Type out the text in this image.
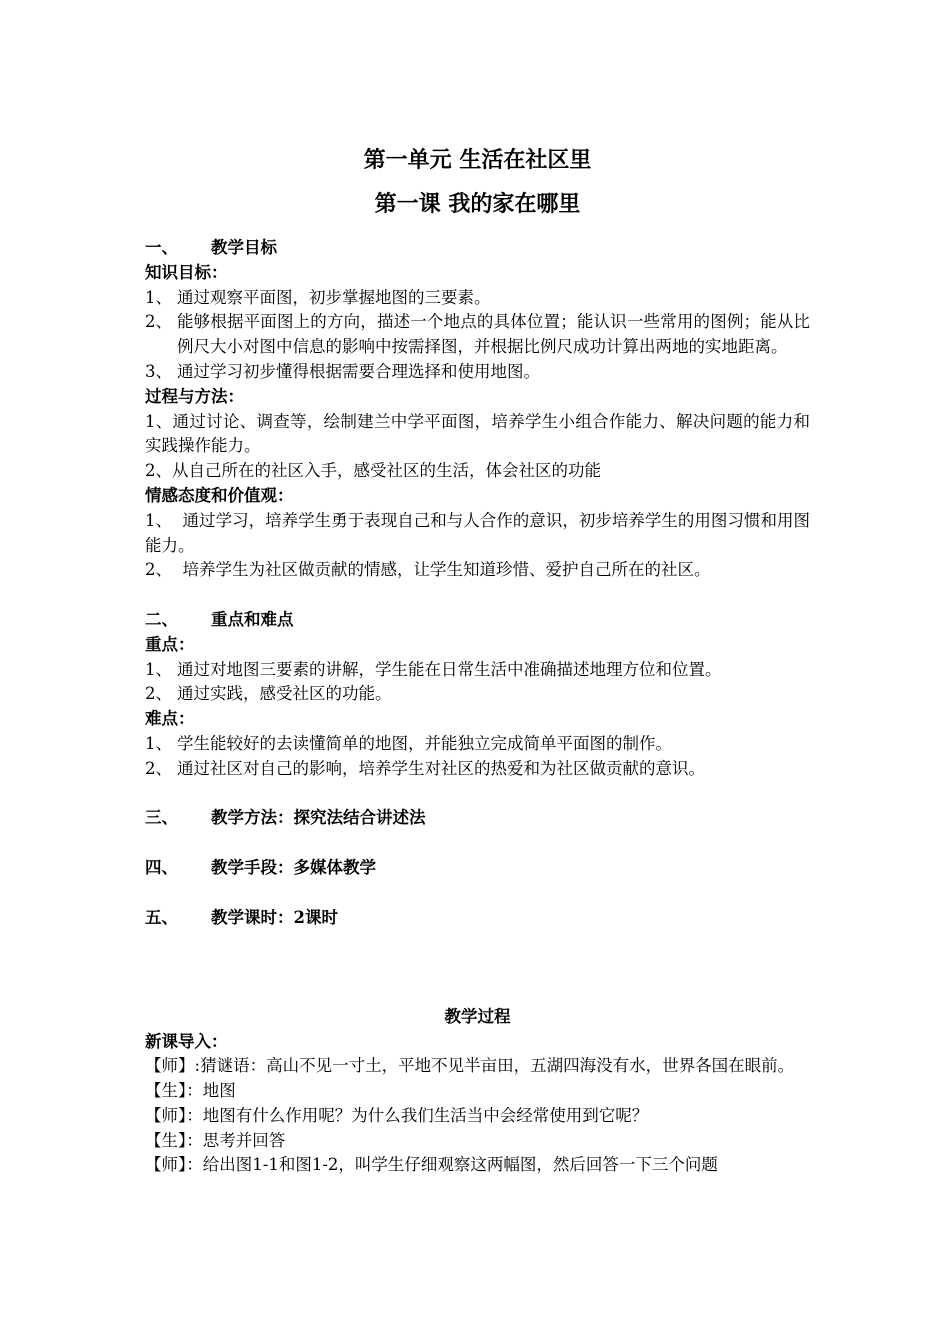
第一单元 生活在社区里
第一课 我的家在哪里
一、	教学目标
知识目标：
1、 通过观察平面图，初步掌握地图的三要素。
2、 能够根据平面图上的方向，描述一个地点的具体位置；能认识一些常用的图例；能从比例尺大小对图中信息的影响中按需择图，并根据比例尺成功计算出两地的实地距离。
3、 通过学习初步懂得根据需要合理选择和使用地图。
过程与方法：
1、通过讨论、调查等，绘制建兰中学平面图，培养学生小组合作能力、解决问题的能力和实践操作能力。
2、从自己所在的社区入手，感受社区的生活，体会社区的功能
情感态度和价值观：
1、 通过学习，培养学生勇于表现自己和与人合作的意识，初步培养学生的用图习惯和用图能力。
2、 培养学生为社区做贡献的情感，让学生知道珍惜、爱护自己所在的社区。
二、	重点和难点
重点：
1、 通过对地图三要素的讲解，学生能在日常生活中准确描述地理方位和位置。
2、 通过实践，感受社区的功能。
难点：
1、 学生能较好的去读懂简单的地图，并能独立完成简单平面图的制作。
2、 通过社区对自己的影响，培养学生对社区的热爱和为社区做贡献的意识。
三、	教学方法：探究法结合讲述法
四、	教学手段：多媒体教学
五、	教学课时：2课时
教学过程
新课导入：
【师】:猜谜语：高山不见一寸土，平地不见半亩田，五湖四海没有水，世界各国在眼前。
【生】：地图
【师】：地图有什么作用呢？为什么我们生活当中会经常使用到它呢？
【生】：思考并回答
【师】：给出图1-1和图1-2，叫学生仔细观察这两幅图，然后回答一下三个问题
